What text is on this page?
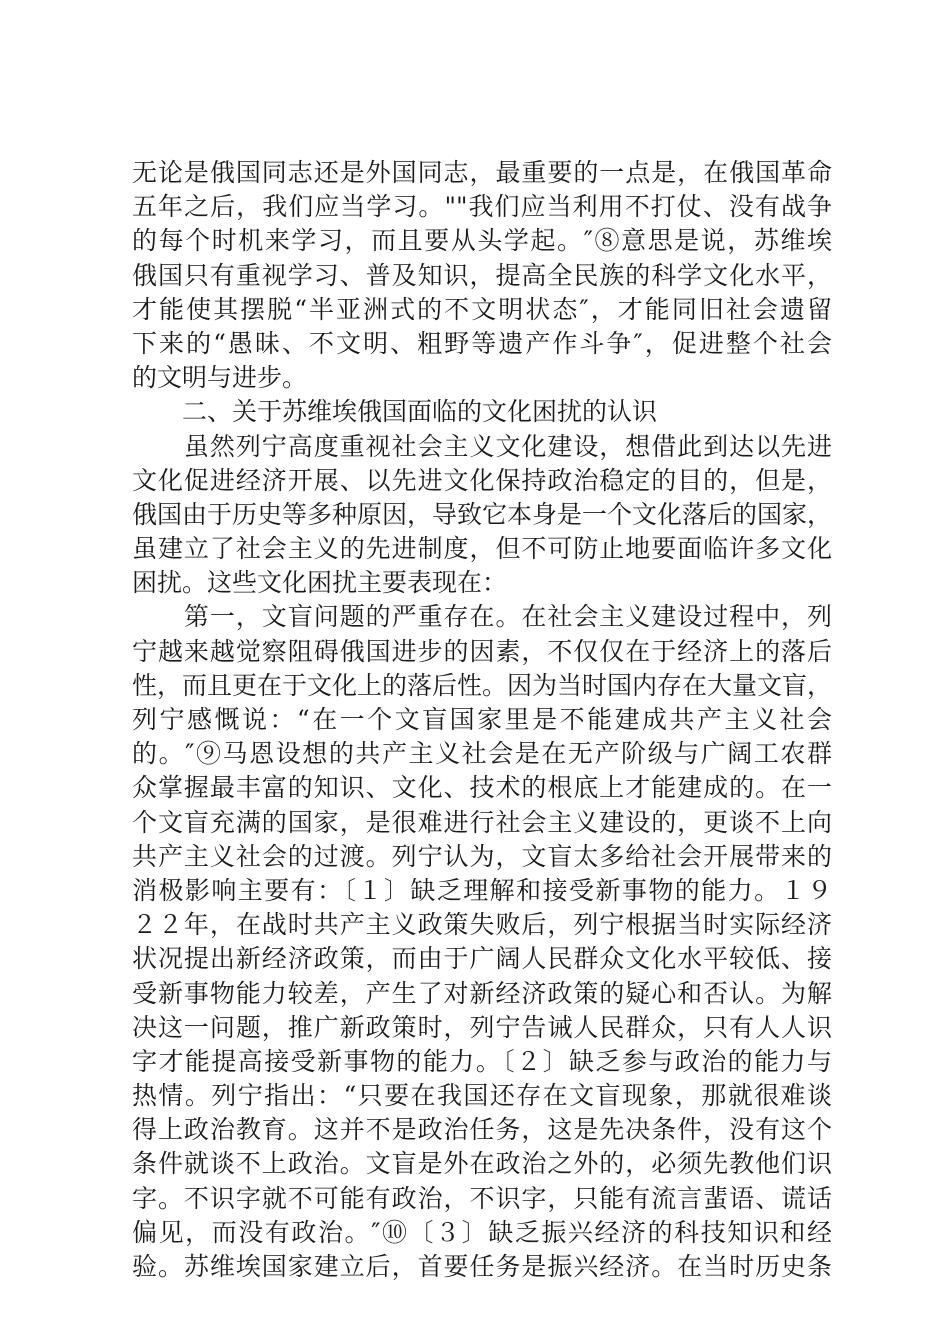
无论是俄国同志还是外国同志，最重要的一点是，在俄国革命
五年之后，我们应当学习。""我们应当利用不打仗、没有战争
的每个时机来学习，而且要从头学起。″⑧意思是说，苏维埃
俄国只有重视学习、普及知识，提高全民族的科学文化水平，
才能使其摆脱“半亚洲式的不文明状态″，才能同旧社会遗留
下来的“愚昧、不文明、粗野等遗产作斗争″，促进整个社会
的文明与进步。
　　二、关于苏维埃俄国面临的文化困扰的认识
　　虽然列宁高度重视社会主义文化建设，想借此到达以先进
文化促进经济开展、以先进文化保持政治稳定的目的，但是，
俄国由于历史等多种原因，导致它本身是一个文化落后的国家，
虽建立了社会主义的先进制度，但不可防止地要面临许多文化
困扰。这些文化困扰主要表现在：
　　第一，文盲问题的严重存在。在社会主义建设过程中，列
宁越来越觉察阻碍俄国进步的因素，不仅仅在于经济上的落后
性，而且更在于文化上的落后性。因为当时国内存在大量文盲，
列宁感慨说：“在一个文盲国家里是不能建成共产主义社会
的。″⑨马恩设想的共产主义社会是在无产阶级与广阔工农群
众掌握最丰富的知识、文化、技术的根底上才能建成的。在一
个文盲充满的国家，是很难进行社会主义建设的，更谈不上向
共产主义社会的过渡。列宁认为，文盲太多给社会开展带来的
消极影响主要有：〔１〕缺乏理解和接受新事物的能力。１９
２２年，在战时共产主义政策失败后，列宁根据当时实际经济
状况提出新经济政策，而由于广阔人民群众文化水平较低、接
受新事物能力较差，产生了对新经济政策的疑心和否认。为解
决这一问题，推广新政策时，列宁告诫人民群众，只有人人识
字才能提高接受新事物的能力。〔２〕缺乏参与政治的能力与
热情。列宁指出：“只要在我国还存在文盲现象，那就很难谈
得上政治教育。这并不是政治任务，这是先决条件，没有这个
条件就谈不上政治。文盲是外在政治之外的，必须先教他们识
字。不识字就不可能有政治，不识字，只能有流言蜚语、谎话
偏见，而没有政治。″⑩〔３〕缺乏振兴经济的科技知识和经
验。苏维埃国家建立后，首要任务是振兴经济。在当时历史条
